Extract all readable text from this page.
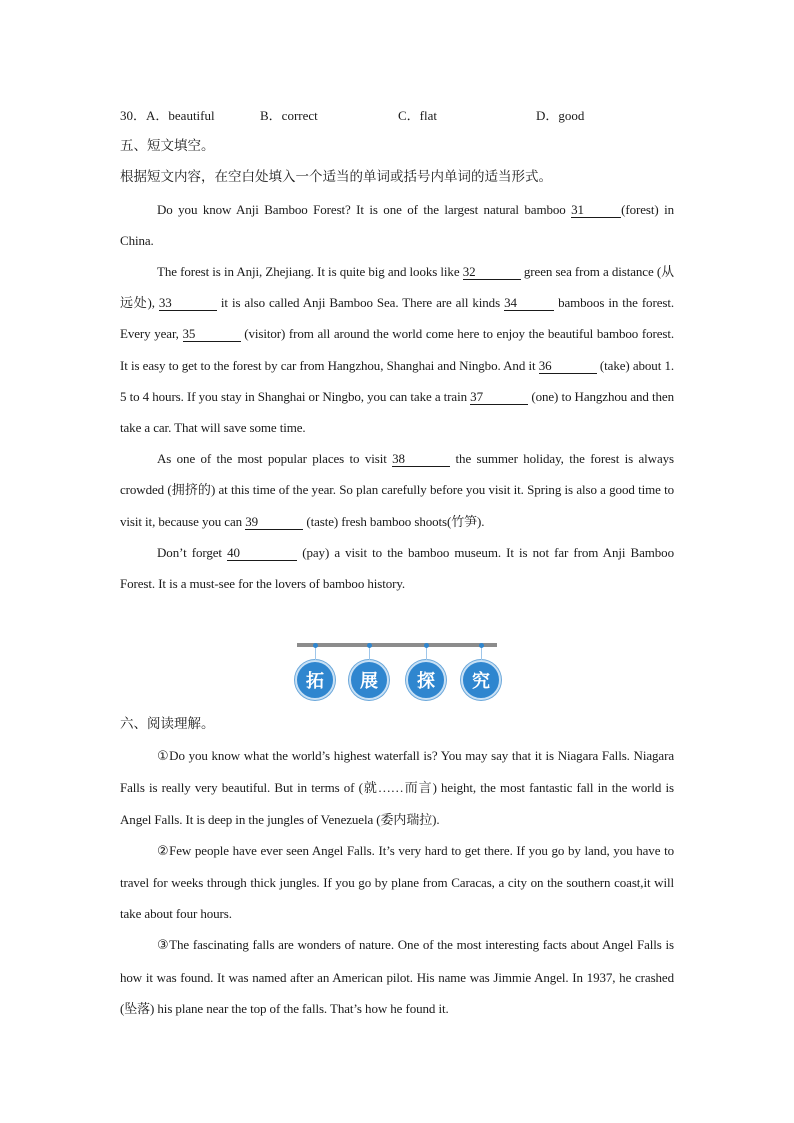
30．A．beautiful	B．correct	C．flat	D．good
五、短文填空。
根据短文内容，在空白处填入一个适当的单词或括号内单词的适当形式。
Do you know Anji Bamboo Forest? It is one of the largest natural bamboo 31	(forest) in China.
The forest is in Anji, Zhejiang. It is quite big and looks like 32	green sea from a distance (从远处), 33	it is also called Anji Bamboo Sea. There are all kinds 34	bamboos in the forest. Every year, 35	(visitor) from all around the world come here to enjoy the beautiful bamboo forest. It is easy to get to the forest by car from Hangzhou, Shanghai and Ningbo. And it 36	(take) about 1. 5 to 4 hours. If you stay in Shanghai or Ningbo, you can take a train 37	(one) to Hangzhou and then take a car. That will save some time.
As one of the most popular places to visit 38	the summer holiday, the forest is always crowded (拥挤的) at this time of the year. So plan carefully before you visit it. Spring is also a good time to visit it, because you can 39	(taste) fresh bamboo shoots(竹笋).
Don’t forget 40	(pay) a visit to the bamboo museum. It is not far from Anji Bamboo Forest. It is a must-see for the lovers of bamboo history.
拓 展 探 究
六、阅读理解。
①Do you know what the world’s highest waterfall is? You may say that it is Niagara Falls. Niagara Falls is really very beautiful. But in terms of (就……而言) height, the most fantastic fall in the world is Angel Falls. It is deep in the jungles of Venezuela (委内瑞拉).
②Few people have ever seen Angel Falls. It’s very hard to get there. If you go by land, you have to travel for weeks through thick jungles. If you go by plane from Caracas, a city on the southern coast,it will take about four hours.
③The fascinating falls are wonders of nature. One of the most interesting facts about Angel Falls is how it was found. It was named after an American pilot. His name was Jimmie Angel. In 1937, he crashed (坠落) his plane near the top of the falls. That’s how he found it.
